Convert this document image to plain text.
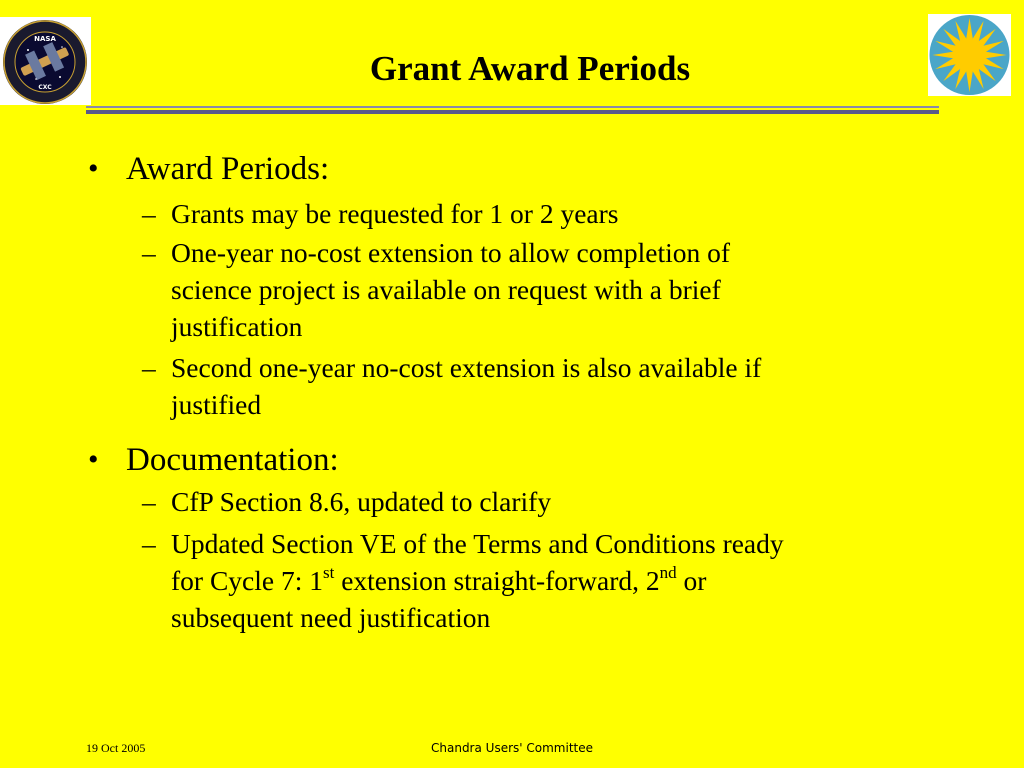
NASA
CXC	Grant Award Periods
• Award Periods:
– Grants may be requested for 1 or 2 years
– One-year no-cost extension to allow completion of
science project is available on request with a brief
justification
– Second one-year no-cost extension is also available if
justified
• Documentation:
– CfP Section 8.6, updated to clarify
– Updated Section VE of the Terms and Conditions ready
for Cycle 7: 1st extension straight-forward, 2nd or
subsequent need justification
19 Oct 2005	Chandra Users' Committee
